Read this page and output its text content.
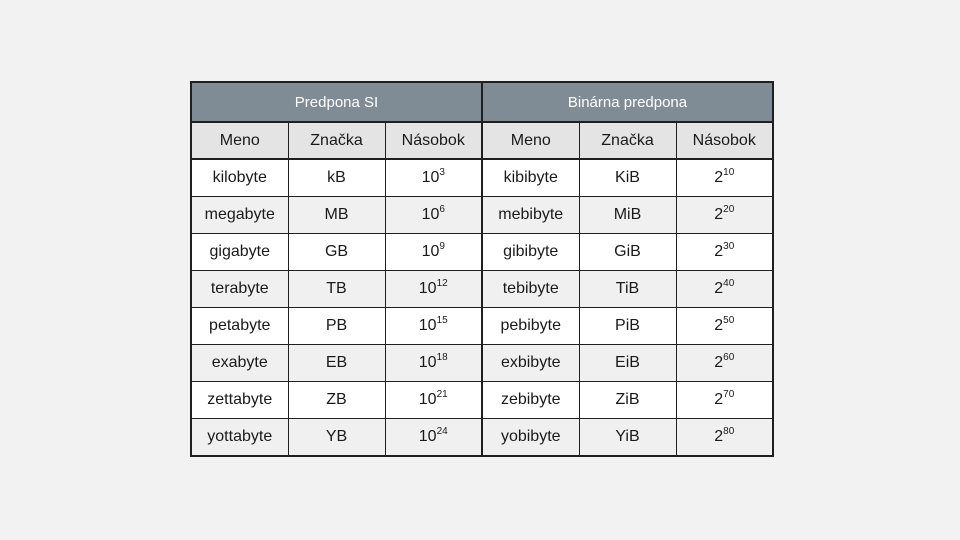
Predpona SI			Binárna predpona		
Meno	Značka	Násobok	Meno	Značka	Násobok
kilobyte	kB	$10^3$	kibibyte	KiB	$2^{10}$
megabyte	MB	$10^6$	mebibyte	MiB	$2^{20}$
gigabyte	GB	$10^9$	gibibyte	GiB	$2^{30}$
terabyte	TB	$10^{12}$	tebibyte	TiB	$2^{40}$
petabyte	PB	$10^{15}$	pebibyte	PiB	$2^{50}$
exabyte	EB	$10^{18}$	exbibyte	EiB	$2^{60}$
zettabyte	ZB	$10^{21}$	zebibyte	ZiB	$2^{70}$
yottabyte	YB	$10^{24}$	yobibyte	YiB	$2^{80}$
